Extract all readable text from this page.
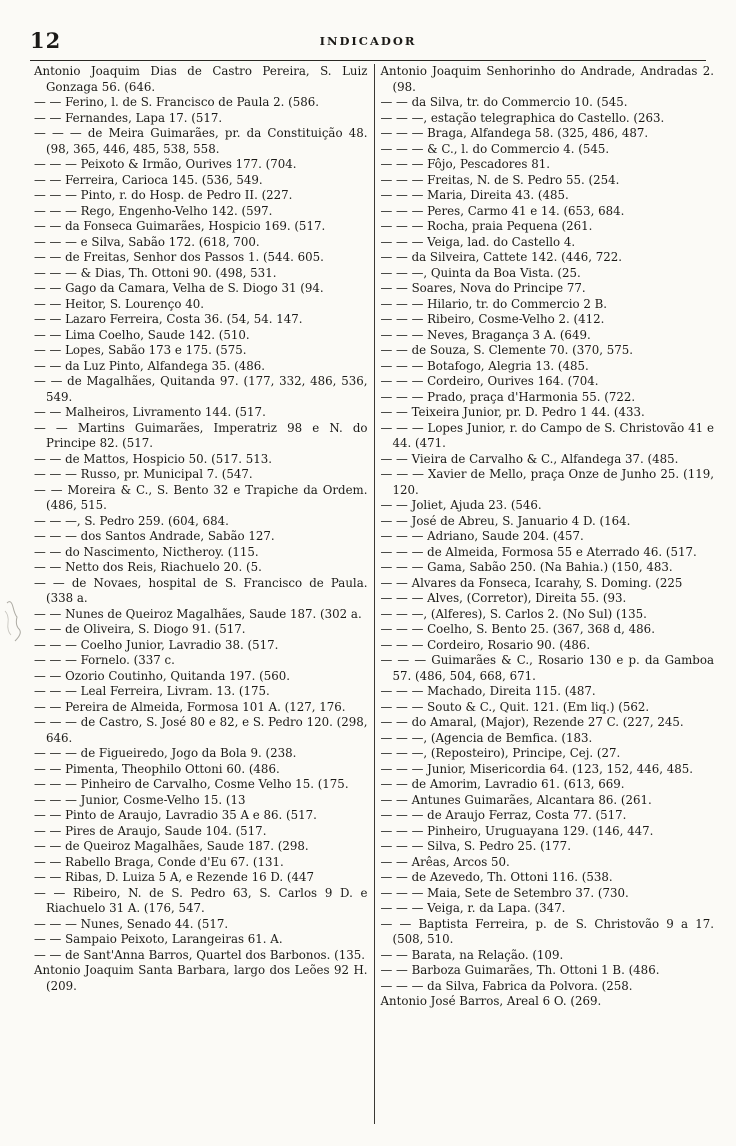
12	INDICADOR

Antonio Joaquim Dias de Castro Pereira, S. Luiz Gonzaga 56. (646.

— — Ferino, l. de S. Francisco de Paula 2. (586.

— — Fernandes, Lapa 17. (517.

— — — de Meira Guimarães, pr. da Constituição 48. (98, 365, 446, 485, 538, 558.

— — — Peixoto & Irmão, Ourives 177. (704.

— — Ferreira, Carioca 145. (536, 549.

— — — Pinto, r. do Hosp. de Pedro II. (227.

— — — Rego, Engenho-Velho 142. (597.

— — da Fonseca Guimarães, Hospicio 169. (517.

— — — e Silva, Sabão 172. (618, 700.

— — de Freitas, Senhor dos Passos 1. (544. 605.

— — — & Dias, Th. Ottoni 90. (498, 531.

— — Gago da Camara, Velha de S. Diogo 31 (94.

— — Heitor, S. Lourenço 40.

— — Lazaro Ferreira, Costa 36. (54, 54. 147.

— — Lima Coelho, Saude 142. (510.

— — Lopes, Sabão 173 e 175. (575.

— — da Luz Pinto, Alfandega 35. (486.

— — de Magalhães, Quitanda 97. (177, 332, 486, 536, 549.

— — Malheiros, Livramento 144. (517.

— — Martins Guimarães, Imperatriz 98 e N. do Principe 82. (517.

— — de Mattos, Hospicio 50. (517. 513.

— — — Russo, pr. Municipal 7. (547.

— — Moreira & C., S. Bento 32 e Trapiche da Ordem. (486, 515.

— — —, S. Pedro 259. (604, 684.

— — — dos Santos Andrade, Sabão 127.

— — do Nascimento, Nictheroy. (115.

— — Netto dos Reis, Riachuelo 20. (5.

— — de Novaes, hospital de S. Francisco de Paula. (338 a.

— — Nunes de Queiroz Magalhães, Saude 187. (302 a.

— — de Oliveira, S. Diogo 91. (517.

— — — Coelho Junior, Lavradio 38. (517.

— — — Fornelo. (337 c.

— — Ozorio Coutinho, Quitanda 197. (560.

— — — Leal Ferreira, Livram. 13. (175.

— — Pereira de Almeida, Formosa 101 A. (127, 176.

— — — de Castro, S. José 80 e 82, e S. Pedro 120. (298, 646.

— — — de Figueiredo, Jogo da Bola 9. (238.

— — Pimenta, Theophilo Ottoni 60. (486.

— — — Pinheiro de Carvalho, Cosme Velho 15. (175.

— — — Junior, Cosme-Velho 15. (13

— — Pinto de Araujo, Lavradio 35 A e 86. (517.

— — Pires de Araujo, Saude 104. (517.

— — de Queiroz Magalhães, Saude 187. (298.

— — Rabello Braga, Conde d'Eu 67. (131.

— — Ribas, D. Luiza 5 A, e Rezende 16 D. (447

— — Ribeiro, N. de S. Pedro 63, S. Carlos 9 D. e Riachuelo 31 A. (176, 547.

— — — Nunes, Senado 44. (517.

— — Sampaio Peixoto, Larangeiras 61. A.

— — de Sant'Anna Barros, Quartel dos Barbonos. (135.

Antonio Joaquim Santa Barbara, largo dos Leões 92 H. (209.

Antonio Joaquim Senhorinho do Andrade, Andradas 2. (98.

— — da Silva, tr. do Commercio 10. (545.

— — —, estação telegraphica do Castello. (263.

— — — Braga, Alfandega 58. (325, 486, 487.

— — — & C., l. do Commercio 4. (545.

— — — Fôjo, Pescadores 81.

— — — Freitas, N. de S. Pedro 55. (254.

— — — Maria, Direita 43. (485.

— — — Peres, Carmo 41 e 14. (653, 684.

— — — Rocha, praia Pequena (261.

— — — Veiga, lad. do Castello 4.

— — da Silveira, Cattete 142. (446, 722.

— — —, Quinta da Boa Vista. (25.

— — Soares, Nova do Principe 77.

— — — Hilario, tr. do Commercio 2 B.

— — — Ribeiro, Cosme-Velho 2. (412.

— — — Neves, Bragança 3 A. (649.

— — de Souza, S. Clemente 70. (370, 575.

— — — Botafogo, Alegria 13. (485.

— — — Cordeiro, Ourives 164. (704.

— — — Prado, praça d'Harmonia 55. (722.

— — Teixeira Junior, pr. D. Pedro 1 44. (433.

— — — Lopes Junior, r. do Campo de S. Christovão 41 e 44. (471.

— — Vieira de Carvalho & C., Alfandega 37. (485.

— — — Xavier de Mello, praça Onze de Junho 25. (119, 120.

— — Joliet, Ajuda 23. (546.

— — José de Abreu, S. Januario 4 D. (164.

— — — Adriano, Saude 204. (457.

— — — de Almeida, Formosa 55 e Aterrado 46. (517.

— — — Gama, Sabão 250. (Na Bahia.) (150, 483.

— — Alvares da Fonseca, Icarahy, S. Doming. (225

— — — Alves, (Corretor), Direita 55. (93.

— — —, (Alferes), S. Carlos 2. (No Sul) (135.

— — — Coelho, S. Bento 25. (367, 368 d, 486.

— — — Cordeiro, Rosario 90. (486.

— — — Guimarães & C., Rosario 130 e p. da Gamboa 57. (486, 504, 668, 671.

— — — Machado, Direita 115. (487.

— — — Souto & C., Quit. 121. (Em liq.) (562.

— — do Amaral, (Major), Rezende 27 C. (227, 245.

— — —, (Agencia de Bemfica. (183.

— — —, (Reposteiro), Principe, Cej. (27.

— — — Junior, Misericordia 64. (123, 152, 446, 485.

— — de Amorim, Lavradio 61. (613, 669.

— — Antunes Guimarães, Alcantara 86. (261.

— — — de Araujo Ferraz, Costa 77. (517.

— — — Pinheiro, Uruguayana 129. (146, 447.

— — — Silva, S. Pedro 25. (177.

— — Arêas, Arcos 50.

— — de Azevedo, Th. Ottoni 116. (538.

— — — Maia, Sete de Setembro 37. (730.

— — — Veiga, r. da Lapa. (347.

— — Baptista Ferreira, p. de S. Christovão 9 a 17. (508, 510.

— — Barata, na Relação. (109.

— — Barboza Guimarães, Th. Ottoni 1 B. (486.

— — — da Silva, Fabrica da Polvora. (258.

Antonio José Barros, Areal 6 O. (269.
